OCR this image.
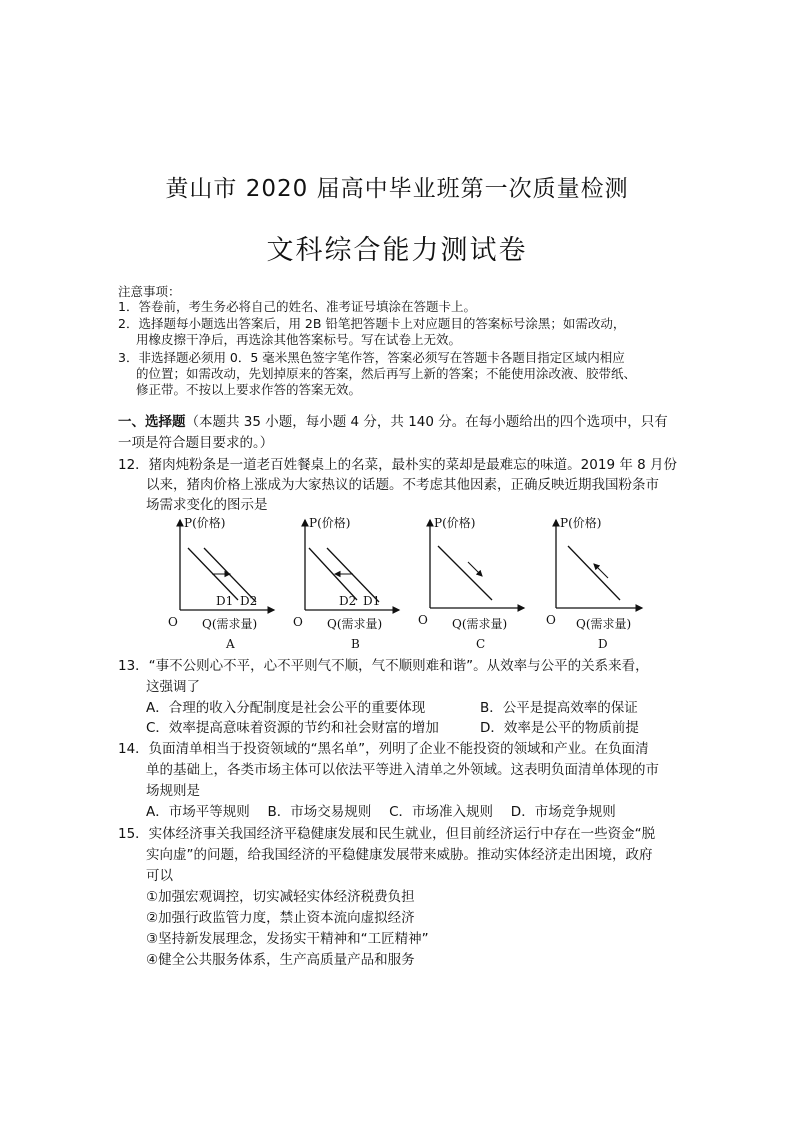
黄山市 2020 届高中毕业班第一次质量检测
文科综合能力测试卷
注意事项：
1．答卷前，考生务必将自己的姓名、准考证号填涂在答题卡上。
2．选择题每小题选出答案后，用 2B 铅笔把答题卡上对应题目的答案标号涂黑；如需改动，
用橡皮擦干净后，再选涂其他答案标号。写在试卷上无效。
3．非选择题必须用 0．5 毫米黑色签字笔作答，答案必须写在答题卡各题目指定区域内相应
的位置；如需改动，先划掉原来的答案，然后再写上新的答案；不能使用涂改液、胶带纸、
修正带。不按以上要求作答的答案无效。
一、选择题（本题共 35 小题，每小题 4 分，共 140 分。在每小题给出的四个选项中，只有
一项是符合题目要求的。）
12．猪肉炖粉条是一道老百姓餐桌上的名菜，最朴实的菜却是最难忘的味道。2019 年 8 月份
以来，猪肉价格上涨成为大家热议的话题。不考虑其他因素，正确反映近期我国粉条市
场需求变化的图示是
P(价格)
D1 D2
O Q(需求量)
A
P(价格)
D2 D1
O Q(需求量)
B
P(价格)
O Q(需求量)
C
P(价格)
O Q(需求量)
D
13．“事不公则心不平，心不平则气不顺，气不顺则难和谐”。从效率与公平的关系来看，
这强调了
A．合理的收入分配制度是社会公平的重要体现	B．公平是提高效率的保证
C．效率提高意味着资源的节约和社会财富的增加	D．效率是公平的物质前提
14．负面清单相当于投资领域的“黑名单”，列明了企业不能投资的领域和产业。在负面清
单的基础上，各类市场主体可以依法平等进入清单之外领域。这表明负面清单体现的市
场规则是
A．市场平等规则　 B．市场交易规则　 C．市场准入规则　 D．市场竞争规则
15．实体经济事关我国经济平稳健康发展和民生就业，但目前经济运行中存在一些资金“脱
实向虚”的问题，给我国经济的平稳健康发展带来威胁。推动实体经济走出困境，政府
可以
①加强宏观调控，切实减轻实体经济税费负担
②加强行政监管力度，禁止资本流向虚拟经济
③坚持新发展理念，发扬实干精神和“工匠精神”
④健全公共服务体系，生产高质量产品和服务
